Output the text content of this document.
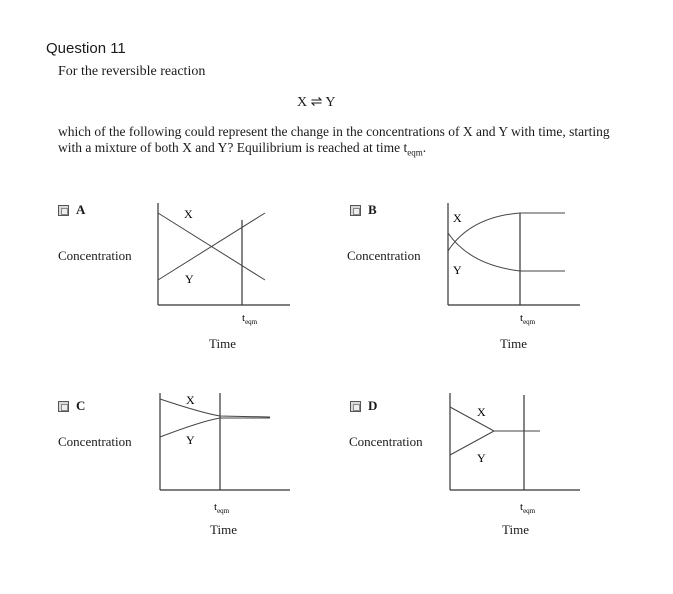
Question 11
For the reversible reaction
X ⇌ Y
which of the following could represent the change in the concentrations of X and Y with time, starting with a mixture of both X and Y? Equilibrium is reached at time $t_{eqm}$.
A
Concentration
X
Y
$t_{eqm}$
Time
B
Concentration
X
Y
$t_{eqm}$
Time
C
Concentration
X
Y
$t_{eqm}$
Time
D
Concentration
X
Y
$t_{eqm}$
Time
